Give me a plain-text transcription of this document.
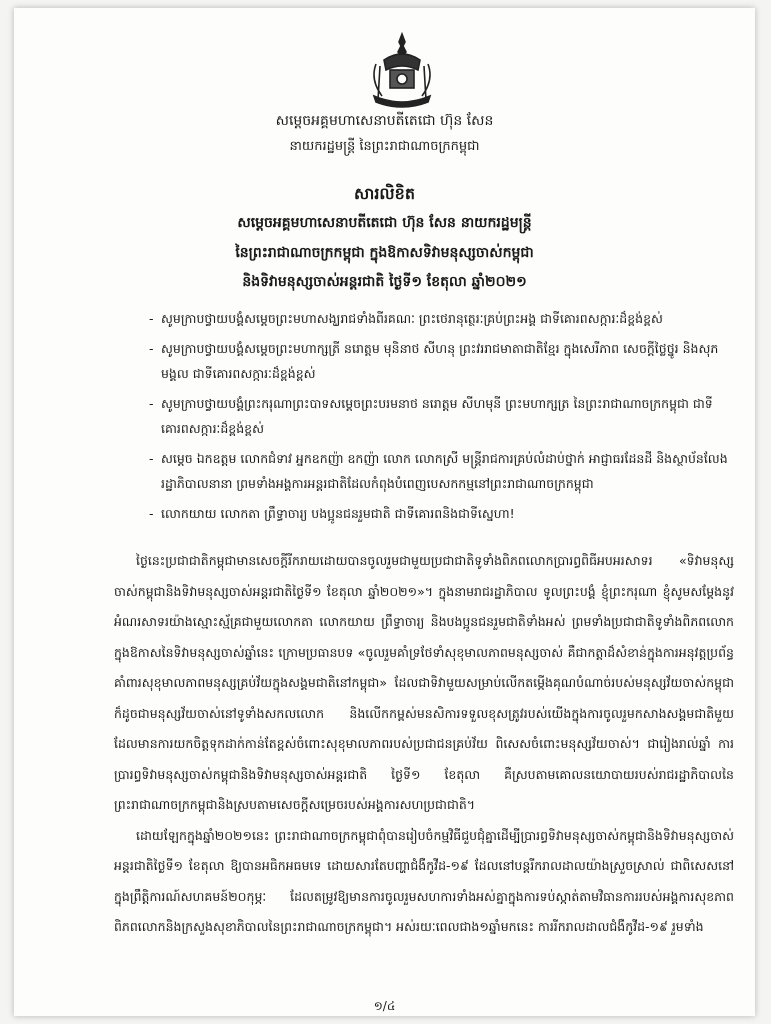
សម្តេចអគ្គមហាសេនាបតីតេជោ ហ៊ុន សែន
នាយករដ្ឋមន្រ្តី នៃព្រះរាជាណាចក្រកម្ពុជា
សារលិខិត
សម្តេចអគ្គមហាសេនាបតីតេជោ ហ៊ុន សែន នាយករដ្ឋមន្រ្តី
នៃព្រះរាជាណាចក្រកម្ពុជា ក្នុងឱកាសទិវាមនុស្សចាស់កម្ពុជា
និងទិវាមនុស្សចាស់អន្តរជាតិ ថ្ងៃទី១ ខែតុលា ឆ្នាំ២០២១
- សូមក្រាបថ្វាយបង្គំសម្តេចព្រះមហាសង្ឃរាជទាំងពីរគណៈ ព្រះថេរានុត្ថេរៈគ្រប់ព្រះអង្គ ជាទីគោរពសក្ការៈដ៏ខ្ពង់ខ្ពស់
- សូមក្រាបថ្វាយបង្គំសម្តេចព្រះមហាក្សត្រី នរោត្តម មុនិនាថ សីហនុ ព្រះវររាជមាតាជាតិខ្មែរ ក្នុងសេរីភាព សេចក្តីថ្លៃថ្នូរ និងសុភមង្គល ជាទីគោរពសក្ការៈដ៏ខ្ពង់ខ្ពស់
- សូមក្រាបថ្វាយបង្គំព្រះករុណាព្រះបាទសម្តេចព្រះបរមនាថ នរោត្តម សីហមុនី ព្រះមហាក្សត្រ នៃព្រះរាជាណាចក្រកម្ពុជា ជាទីគោរពសក្ការៈដ៏ខ្ពង់ខ្ពស់
- សម្តេច ឯកឧត្តម លោកជំទាវ អ្នកឧកញ៉ា ឧកញ៉ា លោក លោកស្រី មន្រ្តីរាជការគ្រប់លំដាប់ថ្នាក់ អាជ្ញាធរដែនដី និងស្ថាប័នលែងរដ្ឋាភិបាលនានា ព្រមទាំងអង្គការអន្តរជាតិដែលកំពុងបំពេញបេសកកម្មនៅព្រះរាជាណាចក្រកម្ពុជា
- លោកយាយ លោកតា ព្រឹទ្ធាចារ្យ បងប្អូនជនរួមជាតិ ជាទីគោរពនិងជាទីស្នេហា!

ថ្ងៃនេះប្រជាជាតិកម្ពុជាមានសេចក្តីរីករាយដោយបានចូលរួមជាមួយប្រជាជាតិទូទាំងពិភពលោកប្រារព្ធពិធីអបអរសាទរ «ទិវាមនុស្សចាស់កម្ពុជានិងទិវាមនុស្សចាស់អន្តរជាតិថ្ងៃទី១ ខែតុលា ឆ្នាំ២០២១»។ ក្នុងនាមរាជរដ្ឋាភិបាល ទូលព្រះបង្គំ ខ្ញុំព្រះករុណា ខ្ញុំសូមសម្តែងនូវអំណរសាទរយ៉ាងស្មោះស្ម័គ្រជាមួយលោកតា លោកយាយ ព្រឹទ្ធាចារ្យ និងបងប្អូនជនរួមជាតិទាំងអស់ ព្រមទាំងប្រជាជាតិទូទាំងពិភពលោកក្នុងឱកាសនៃទិវាមនុស្សចាស់ឆ្នាំនេះ ក្រោមប្រធានបទ «ចូលរួមគាំទ្រថែទាំសុខុមាលភាពមនុស្សចាស់ គឺជាកត្តាដ៏សំខាន់ក្នុងការអនុវត្តប្រព័ន្ធគាំពារសុខុមាលភាពមនុស្សគ្រប់វ័យក្នុងសង្គមជាតិនៅកម្ពុជា» ដែលជាទិវាមួយសម្រាប់លើកតម្កើងគុណបំណាច់របស់មនុស្សវ័យចាស់កម្ពុជា ក៏ដូចជាមនុស្សវ័យចាស់នៅទូទាំងសកលលោក និងលើកកម្ពស់មនសិការទទួលខុសត្រូវរបស់យើងក្នុងការចូលរួមកសាងសង្គមជាតិមួយដែលមានការយកចិត្តទុកដាក់កាន់តែខ្ពស់ចំពោះសុខុមាលភាពរបស់ប្រជាជនគ្រប់វ័យ ពិសេសចំពោះមនុស្សវ័យចាស់។ ជារៀងរាល់ឆ្នាំ ការប្រារព្ធទិវាមនុស្សចាស់កម្ពុជានិងទិវាមនុស្សចាស់អន្តរជាតិ ថ្ងៃទី១ ខែតុលា គឺស្របតាមគោលនយោបាយរបស់រាជរដ្ឋាភិបាលនៃព្រះរាជាណាចក្រកម្ពុជានិងស្របតាមសេចក្តីសម្រេចរបស់អង្គការសហប្រជាជាតិ។

ដោយឡែកក្នុងឆ្នាំ២០២១នេះ ព្រះរាជាណាចក្រកម្ពុជាពុំបានរៀបចំកម្មវិធីជួបជុំគ្នាដើម្បីប្រារព្ធទិវាមនុស្សចាស់កម្ពុជានិងទិវាមនុស្សចាស់អន្តរជាតិថ្ងៃទី១ ខែតុលា ឱ្យបានអធិកអធមទេ ដោយសារតែបញ្ហាជំងឺកូវីដ-១៩ ដែលនៅបន្តរីករាលដាលយ៉ាងស្រួចស្រាល់ ជាពិសេសនៅក្នុងព្រឹត្តិការណ៍សហគមន៍២០កុម្ភៈ ដែលតម្រូវឱ្យមានការចូលរួមសហការទាំងអស់គ្នាក្នុងការទប់ស្កាត់តាមវិធានការរបស់អង្គការសុខភាពពិភពលោកនិងក្រសួងសុខាភិបាលនៃព្រះរាជាណាចក្រកម្ពុជា។ អស់រយៈពេលជាង១ឆ្នាំមកនេះ ការរីករាលដាលជំងឺកូវីដ-១៩ រួមទាំង

១/៤
